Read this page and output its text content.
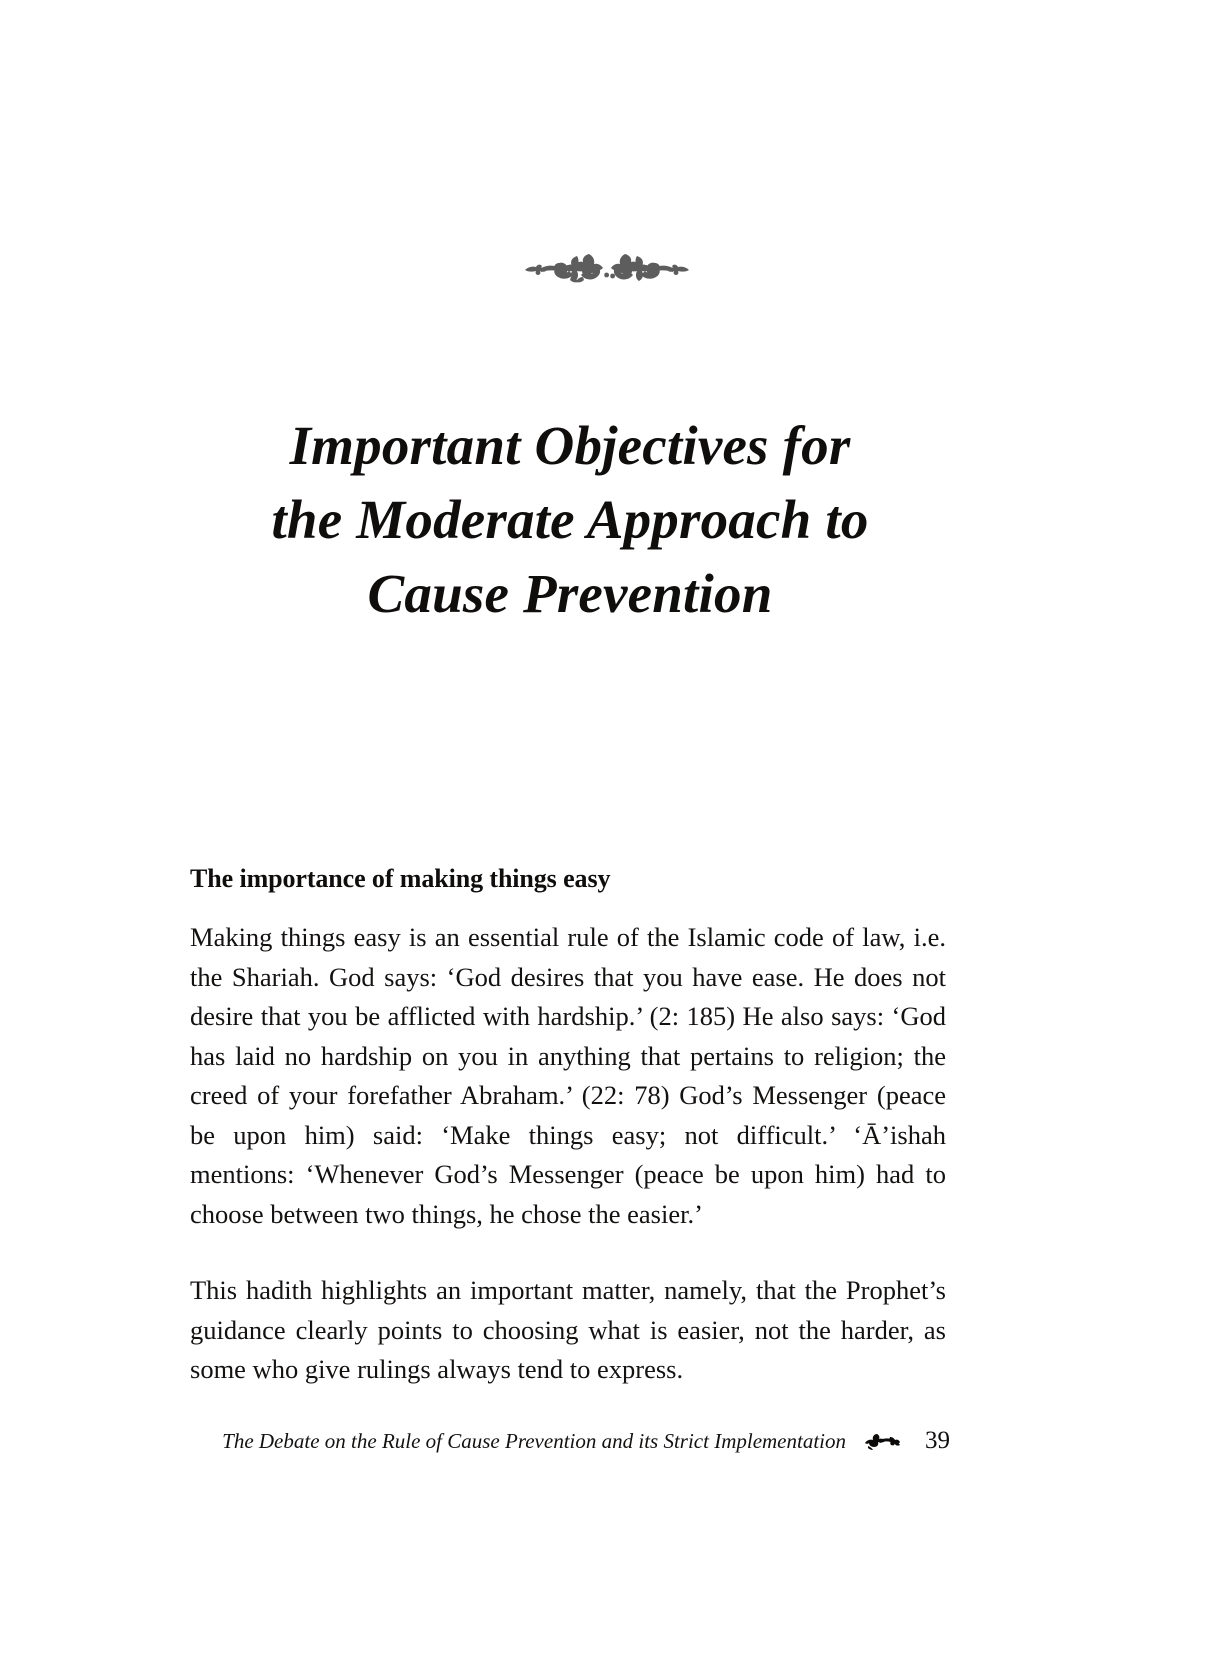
Important Objectives for
the Moderate Approach to
Cause Prevention
The importance of making things easy

Making things easy is an essential rule of the Islamic code of law, i.e. the Shariah. God says: ‘God desires that you have ease. He does not desire that you be afflicted with hardship.’ (2: 185) He also says: ‘God has laid no hardship on you in anything that pertains to religion; the creed of your forefather Abraham.’ (22: 78) God’s Messenger (peace be upon him) said: ‘Make things easy; not difficult.’ ‘Ā’ishah mentions: ‘Whenever God’s Messenger (peace be upon him) had to choose between two things, he chose the easier.’

This hadith highlights an important matter, namely, that the Prophet’s guidance clearly points to choosing what is easier, not the harder, as some who give rulings always tend to express.

The Debate on the Rule of Cause Prevention and its Strict Implementation	39
